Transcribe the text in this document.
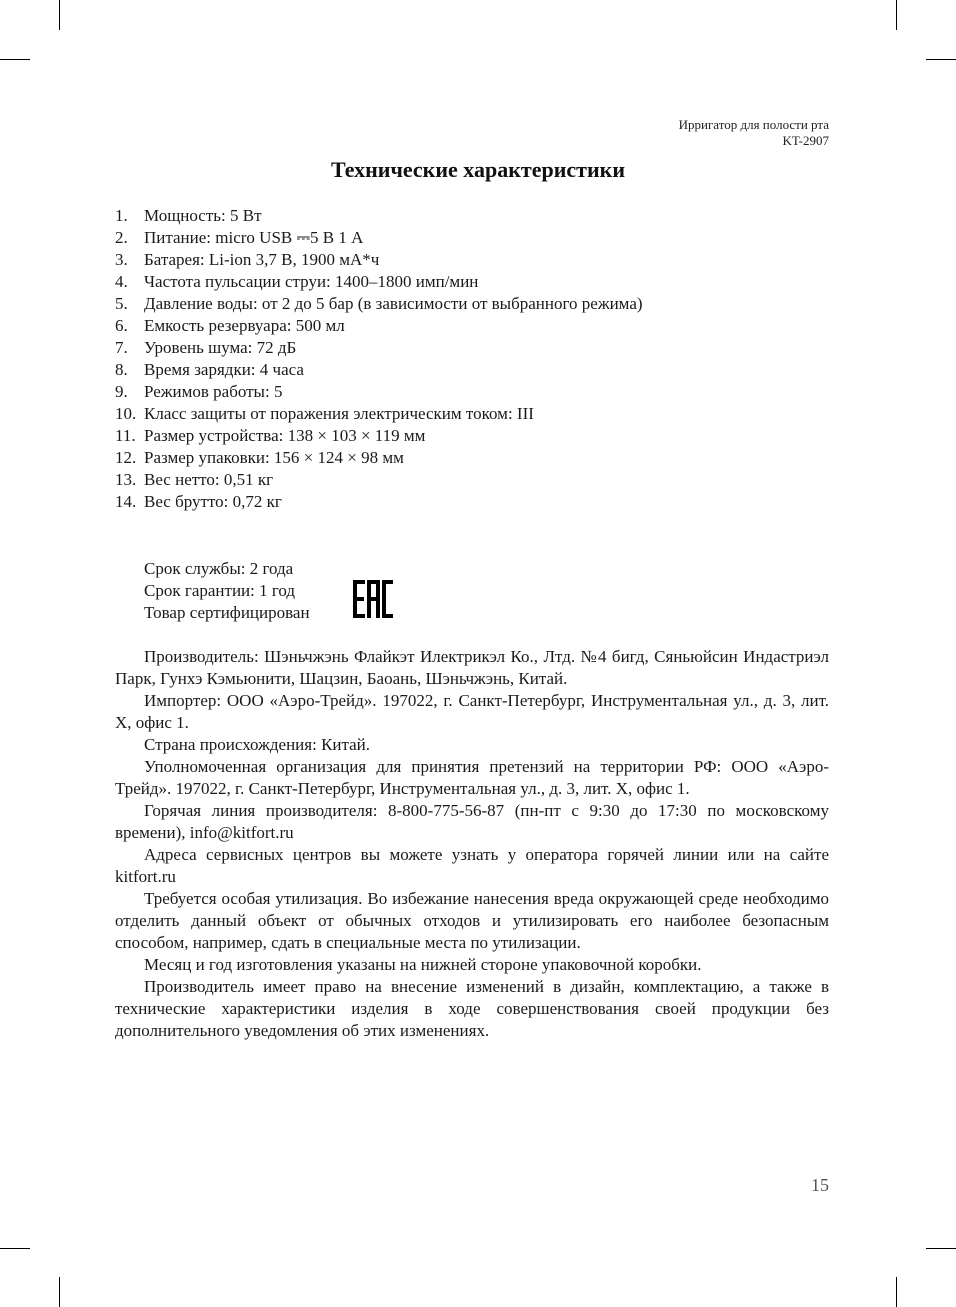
Ирригатор для полости рта
KT-2907
Технические характеристики
1. Мощность: 5 Вт
2. Питание: micro USB ⎓5 В 1 А
3. Батарея: Li-ion 3,7 В, 1900 мА*ч
4. Частота пульсации струи: 1400–1800 имп/мин
5. Давление воды: от 2 до 5 бар (в зависимости от выбранного режима)
6. Емкость резервуара: 500 мл
7. Уровень шума: 72 дБ
8. Время зарядки: 4 часа
9. Режимов работы: 5
10. Класс защиты от поражения электрическим током: III
11. Размер устройства: 138 × 103 × 119 мм
12. Размер упаковки: 156 × 124 × 98 мм
13. Вес нетто: 0,51 кг
14. Вес брутто: 0,72 кг
Срок службы: 2 года
Срок гарантии: 1 год
Товар сертифицирован

Производитель: Шэньчжэнь Флайкэт Илектрикэл Ко., Лтд. №4 бигд, Сяньюйсин Индастриэл Парк, Гунхэ Кэмьюнити, Шацзин, Баоань, Шэньчжэнь, Китай.

Импортер: ООО «Аэро-Трейд». 197022, г. Санкт-Петербург, Инструментальная ул., д. 3, лит. Х, офис 1.

Страна происхождения: Китай.

Уполномоченная организация для принятия претензий на территории РФ: ООО «Аэро-Трейд». 197022, г. Санкт-Петербург, Инструментальная ул., д. 3, лит. Х, офис 1.

Горячая линия производителя: 8-800-775-56-87 (пн-пт с 9:30 до 17:30 по московскому времени), info@kitfort.ru

Адреса сервисных центров вы можете узнать у оператора горячей линии или на сайте kitfort.ru

Требуется особая утилизация. Во избежание нанесения вреда окружающей среде необходимо отделить данный объект от обычных отходов и утилизировать его наиболее безопасным способом, например, сдать в специальные места по утилизации.

Месяц и год изготовления указаны на нижней стороне упаковочной коробки.

Производитель имеет право на внесение изменений в дизайн, комплектацию, а также в технические характеристики изделия в ходе совершенствования своей продукции без дополнительного уведомления об этих изменениях.

15
